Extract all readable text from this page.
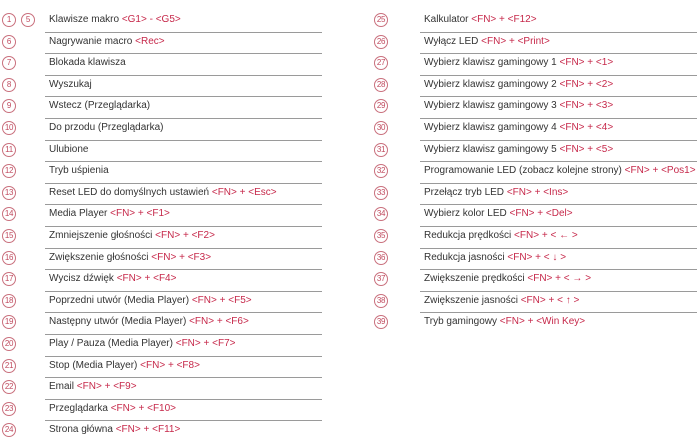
1	5	Klawisze makro <G1> - <G5>
6	Nagrywanie macro <Rec>
7	Blokada klawisza
8	Wyszukaj
9	Wstecz (Przeglądarka)
10	Do przodu (Przeglądarka)
11	Ulubione
12	Tryb uśpienia
13	Reset LED do domyślnych ustawień <FN> + <Esc>
14	Media Player <FN> + <F1>
15	Zmniejszenie głośności <FN> + <F2>
16	Zwiększenie głośności <FN> + <F3>
17	Wycisz dźwięk <FN> + <F4>
18	Poprzedni utwór (Media Player) <FN> + <F5>
19	Następny utwór (Media Player) <FN> + <F6>
20	Play / Pauza (Media Player) <FN> + <F7>
21	Stop (Media Player) <FN> + <F8>
22	Email <FN> + <F9>
23	Przeglądarka <FN> + <F10>
24	Strona główna <FN> + <F11>
25	Kalkulator <FN> + <F12>
26	Wyłącz LED <FN> + <Print>
27	Wybierz klawisz gamingowy 1 <FN> + <1>
28	Wybierz klawisz gamingowy 2 <FN> + <2>
29	Wybierz klawisz gamingowy 3 <FN> + <3>
30	Wybierz klawisz gamingowy 4 <FN> + <4>
31	Wybierz klawisz gamingowy 5 <FN> + <5>
32	Programowanie LED (zobacz kolejne strony) <FN> + <Pos1>
33	Przełącz tryb LED <FN> + <Ins>
34	Wybierz kolor LED <FN> + <Del>
35	Redukcja prędkości <FN> + < ← >
36	Redukcja jasności <FN> + < ↓ >
37	Zwiększenie prędkości <FN> + < → >
38	Zwiększenie jasności <FN> + < ↑ >
39	Tryb gamingowy <FN> + <Win Key>
